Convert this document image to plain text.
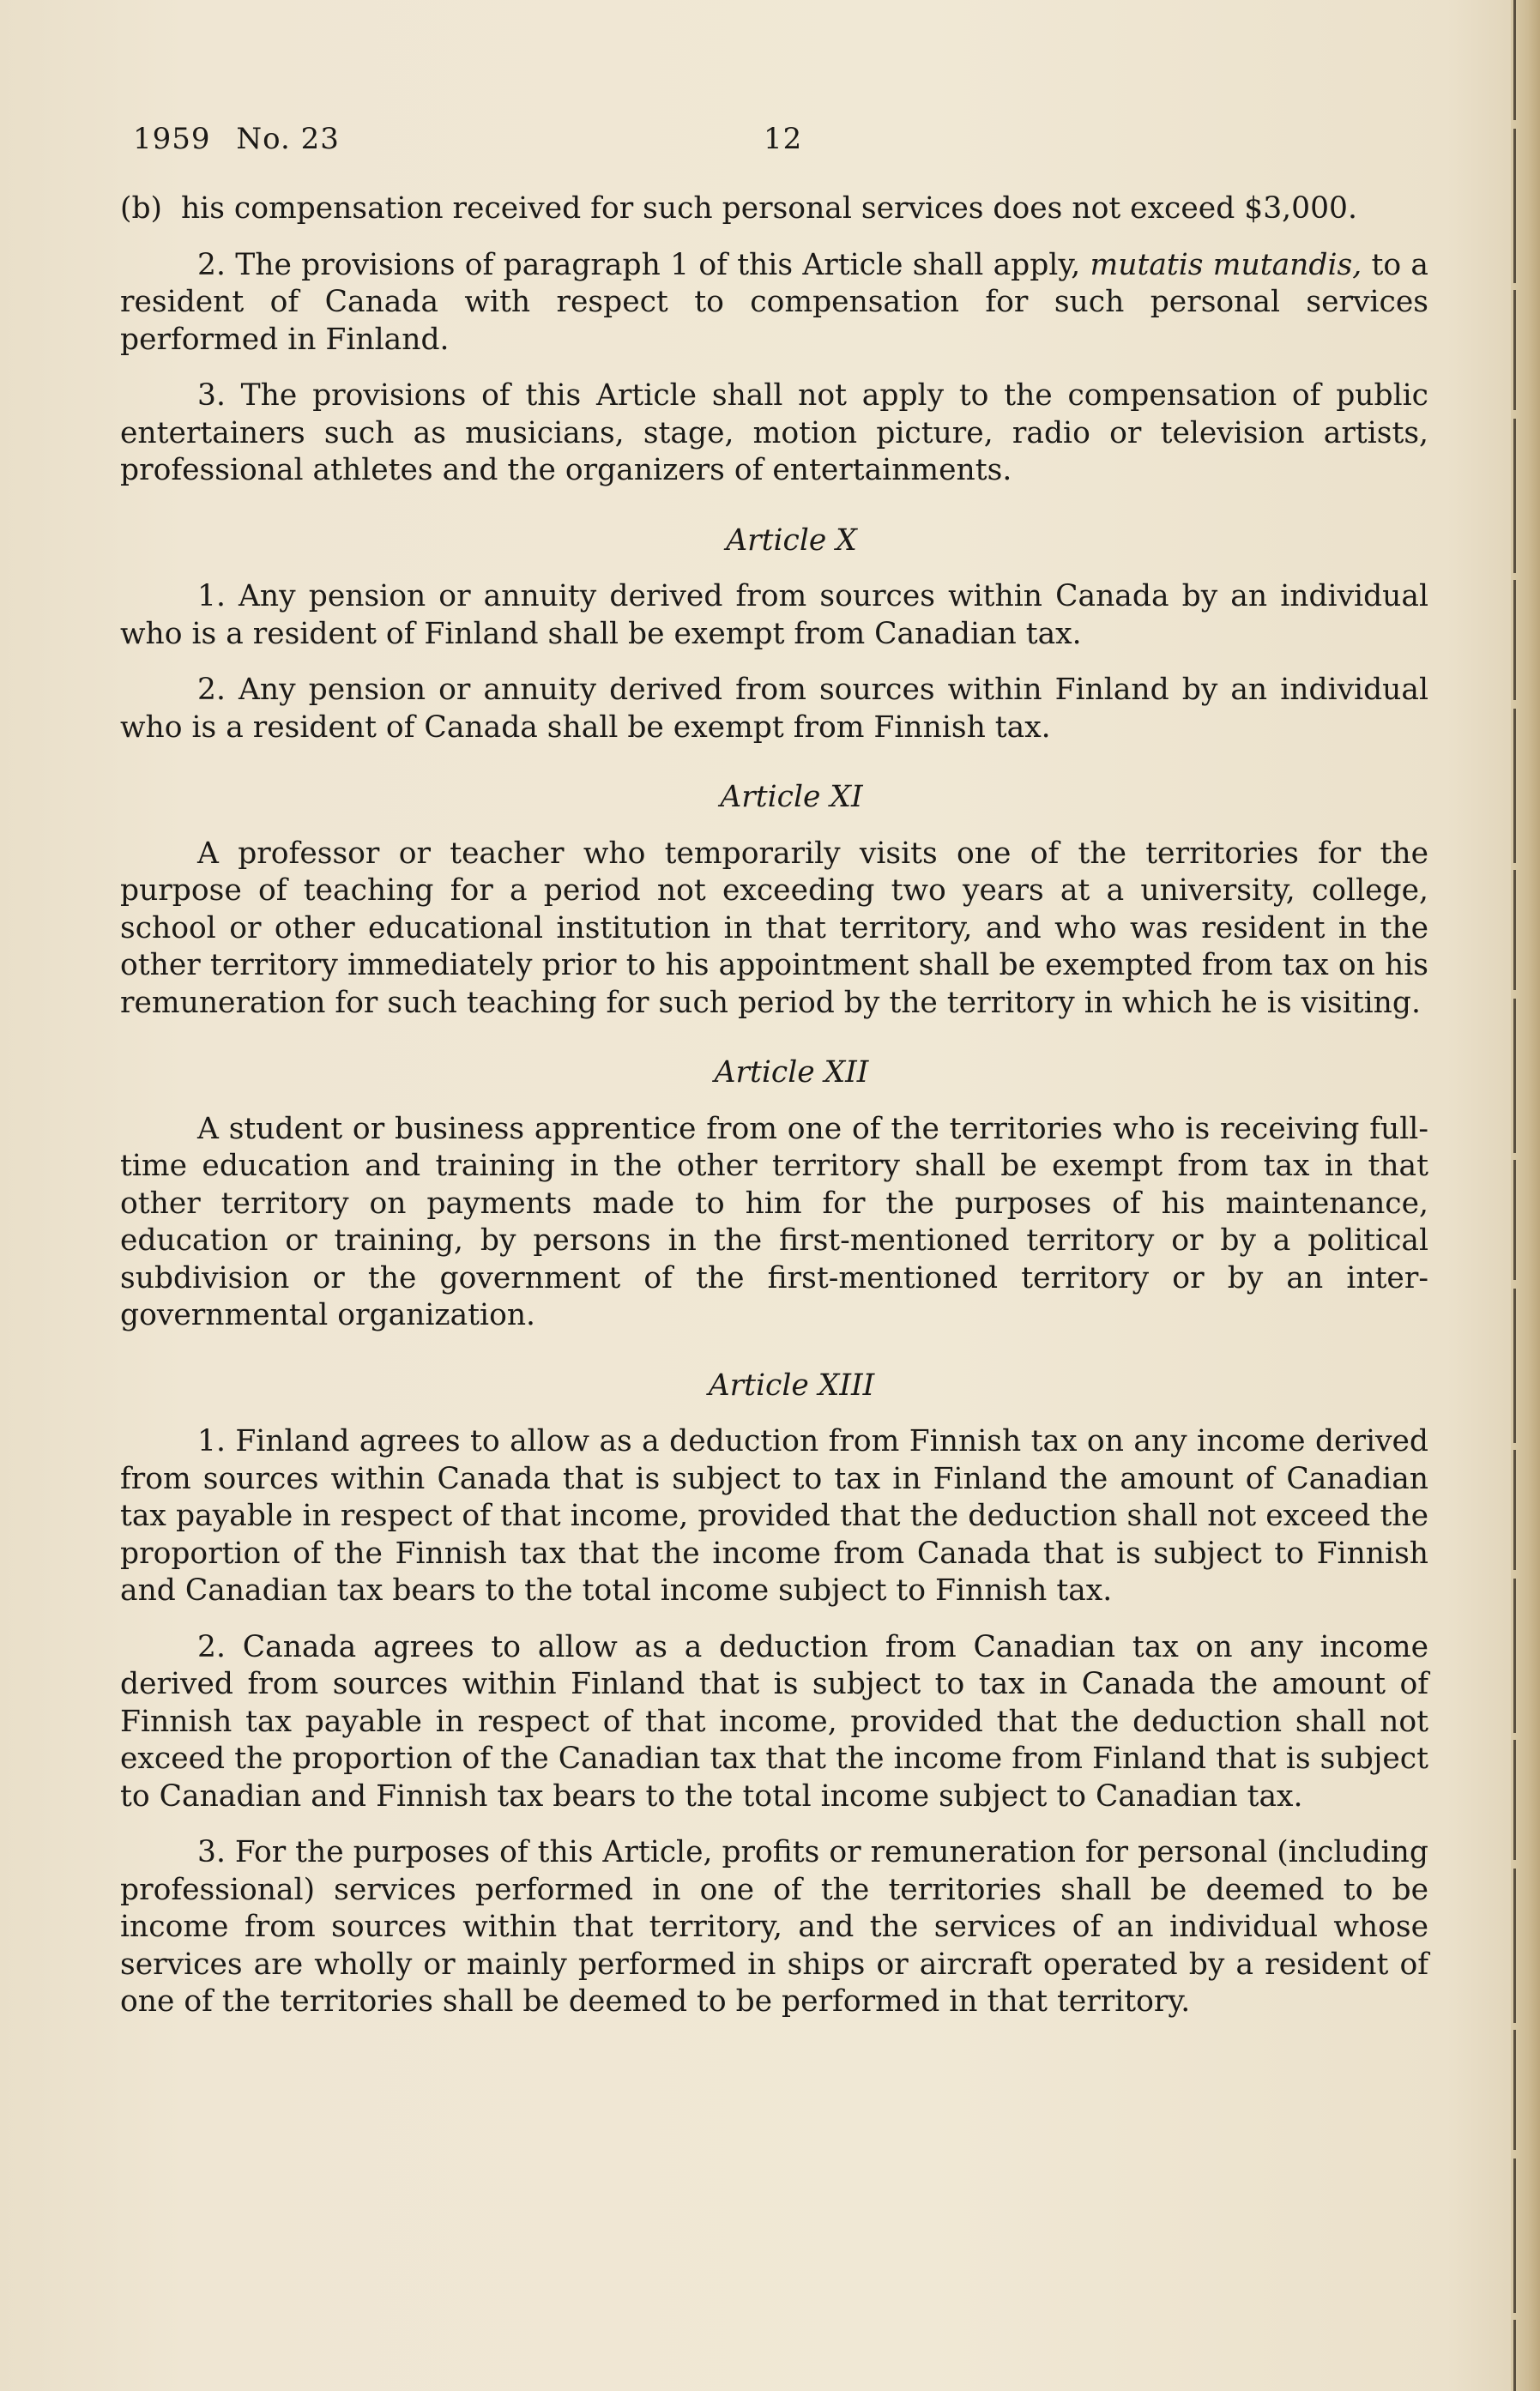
1959 No. 23	12

(b) his compensation received for such personal services does not exceed $3,000.

2. The provisions of paragraph 1 of this Article shall apply, mutatis mutandis, to a resident of Canada with respect to compensation for such personal services performed in Finland.

3. The provisions of this Article shall not apply to the compensation of public entertainers such as musicians, stage, motion picture, radio or television artists, professional athletes and the organizers of entertainments.

Article X

1. Any pension or annuity derived from sources within Canada by an individual who is a resident of Finland shall be exempt from Canadian tax.

2. Any pension or annuity derived from sources within Finland by an individual who is a resident of Canada shall be exempt from Finnish tax.

Article XI

A professor or teacher who temporarily visits one of the territories for the purpose of teaching for a period not exceeding two years at a university, college, school or other educational institution in that territory, and who was resident in the other territory immediately prior to his appointment shall be exempted from tax on his remuneration for such teaching for such period by the territory in which he is visiting.

Article XII

A student or business apprentice from one of the territories who is receiving full-time education and training in the other territory shall be exempt from tax in that other territory on payments made to him for the purposes of his maintenance, education or training, by persons in the first-mentioned territory or by a political subdivision or the government of the first-mentioned territory or by an inter-governmental organization.

Article XIII

1. Finland agrees to allow as a deduction from Finnish tax on any income derived from sources within Canada that is subject to tax in Finland the amount of Canadian tax payable in respect of that income, provided that the deduction shall not exceed the proportion of the Finnish tax that the income from Canada that is subject to Finnish and Canadian tax bears to the total income subject to Finnish tax.

2. Canada agrees to allow as a deduction from Canadian tax on any income derived from sources within Finland that is subject to tax in Canada the amount of Finnish tax payable in respect of that income, provided that the deduction shall not exceed the proportion of the Canadian tax that the income from Finland that is subject to Canadian and Finnish tax bears to the total income subject to Canadian tax.

3. For the purposes of this Article, profits or remuneration for personal (including professional) services performed in one of the territories shall be deemed to be income from sources within that territory, and the services of an individual whose services are wholly or mainly performed in ships or aircraft operated by a resident of one of the territories shall be deemed to be performed in that territory.
